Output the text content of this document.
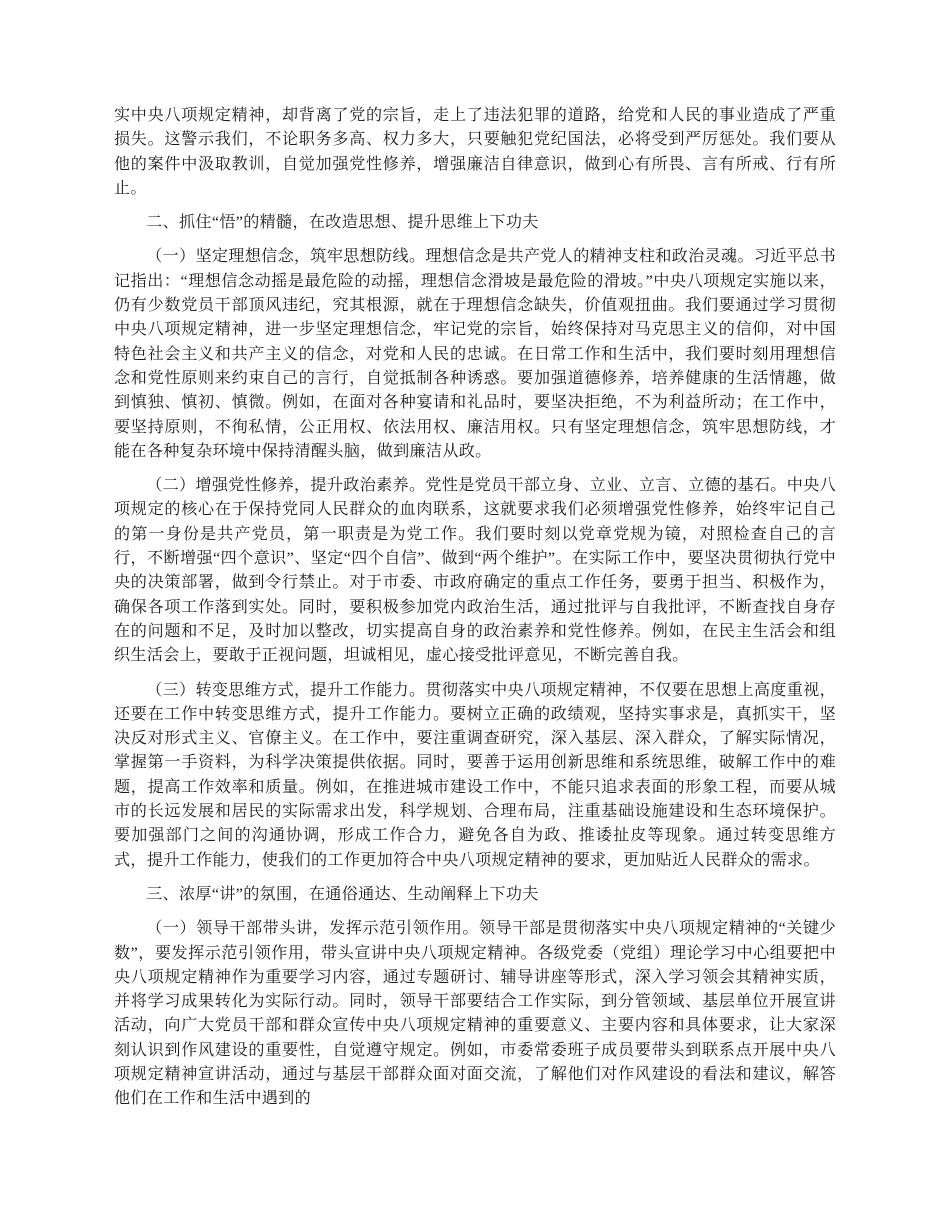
实中央八项规定精神，却背离了党的宗旨，走上了违法犯罪的道路，给党和人民的事业造成了严重损失。这警示我们，不论职务多高、权力多大，只要触犯党纪国法，必将受到严厉惩处。我们要从他的案件中汲取教训，自觉加强党性修养，增强廉洁自律意识，做到心有所畏、言有所戒、行有所止。

二、抓住“悟”的精髓，在改造思想、提升思维上下功夫

（一）坚定理想信念，筑牢思想防线。理想信念是共产党人的精神支柱和政治灵魂。习近平总书记指出：“理想信念动摇是最危险的动摇，理想信念滑坡是最危险的滑坡。”中央八项规定实施以来，仍有少数党员干部顶风违纪，究其根源，就在于理想信念缺失，价值观扭曲。我们要通过学习贯彻中央八项规定精神，进一步坚定理想信念，牢记党的宗旨，始终保持对马克思主义的信仰，对中国特色社会主义和共产主义的信念，对党和人民的忠诚。在日常工作和生活中，我们要时刻用理想信念和党性原则来约束自己的言行，自觉抵制各种诱惑。要加强道德修养，培养健康的生活情趣，做到慎独、慎初、慎微。例如，在面对各种宴请和礼品时，要坚决拒绝，不为利益所动；在工作中，要坚持原则，不徇私情，公正用权、依法用权、廉洁用权。只有坚定理想信念，筑牢思想防线，才能在各种复杂环境中保持清醒头脑，做到廉洁从政。

（二）增强党性修养，提升政治素养。党性是党员干部立身、立业、立言、立德的基石。中央八项规定的核心在于保持党同人民群众的血肉联系，这就要求我们必须增强党性修养，始终牢记自己的第一身份是共产党员，第一职责是为党工作。我们要时刻以党章党规为镜，对照检查自己的言行，不断增强“四个意识”、坚定“四个自信”、做到“两个维护”。在实际工作中，要坚决贯彻执行党中央的决策部署，做到令行禁止。对于市委、市政府确定的重点工作任务，要勇于担当、积极作为，确保各项工作落到实处。同时，要积极参加党内政治生活，通过批评与自我批评，不断查找自身存在的问题和不足，及时加以整改，切实提高自身的政治素养和党性修养。例如，在民主生活会和组织生活会上，要敢于正视问题，坦诚相见，虚心接受批评意见，不断完善自我。

（三）转变思维方式，提升工作能力。贯彻落实中央八项规定精神，不仅要在思想上高度重视，还要在工作中转变思维方式，提升工作能力。要树立正确的政绩观，坚持实事求是，真抓实干，坚决反对形式主义、官僚主义。在工作中，要注重调查研究，深入基层、深入群众，了解实际情况，掌握第一手资料，为科学决策提供依据。同时，要善于运用创新思维和系统思维，破解工作中的难题，提高工作效率和质量。例如，在推进城市建设工作中，不能只追求表面的形象工程，而要从城市的长远发展和居民的实际需求出发，科学规划、合理布局，注重基础设施建设和生态环境保护。要加强部门之间的沟通协调，形成工作合力，避免各自为政、推诿扯皮等现象。通过转变思维方式，提升工作能力，使我们的工作更加符合中央八项规定精神的要求，更加贴近人民群众的需求。

三、浓厚“讲”的氛围，在通俗通达、生动阐释上下功夫

（一）领导干部带头讲，发挥示范引领作用。领导干部是贯彻落实中央八项规定精神的“关键少数”，要发挥示范引领作用，带头宣讲中央八项规定精神。各级党委（党组）理论学习中心组要把中央八项规定精神作为重要学习内容，通过专题研讨、辅导讲座等形式，深入学习领会其精神实质，并将学习成果转化为实际行动。同时，领导干部要结合工作实际，到分管领域、基层单位开展宣讲活动，向广大党员干部和群众宣传中央八项规定精神的重要意义、主要内容和具体要求，让大家深刻认识到作风建设的重要性，自觉遵守规定。例如，市委常委班子成员要带头到联系点开展中央八项规定精神宣讲活动，通过与基层干部群众面对面交流，了解他们对作风建设的看法和建议，解答他们在工作和生活中遇到的
